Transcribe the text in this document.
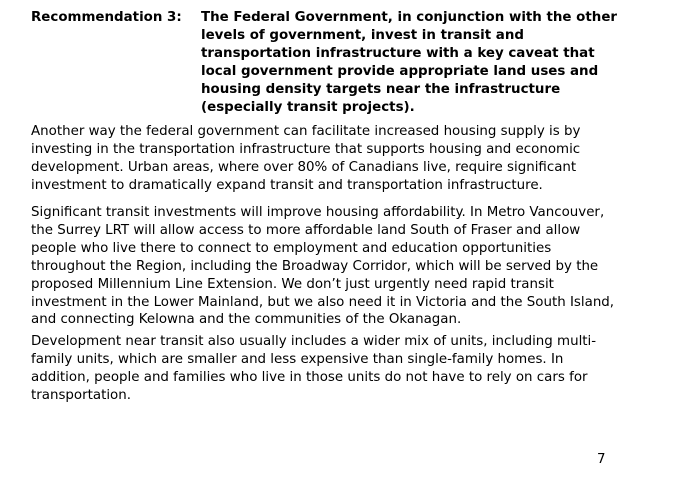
Recommendation 3: The Federal Government, in conjunction with the other levels of government, invest in transit and transportation infrastructure with a key caveat that local government provide appropriate land uses and housing density targets near the infrastructure (especially transit projects).

Another way the federal government can facilitate increased housing supply is by investing in the transportation infrastructure that supports housing and economic development. Urban areas, where over 80% of Canadians live, require significant investment to dramatically expand transit and transportation infrastructure.

Significant transit investments will improve housing affordability. In Metro Vancouver, the Surrey LRT will allow access to more affordable land South of Fraser and allow people who live there to connect to employment and education opportunities throughout the Region, including the Broadway Corridor, which will be served by the proposed Millennium Line Extension. We don’t just urgently need rapid transit investment in the Lower Mainland, but we also need it in Victoria and the South Island, and connecting Kelowna and the communities of the Okanagan.

Development near transit also usually includes a wider mix of units, including multi-family units, which are smaller and less expensive than single-family homes. In addition, people and families who live in those units do not have to rely on cars for transportation.

7
